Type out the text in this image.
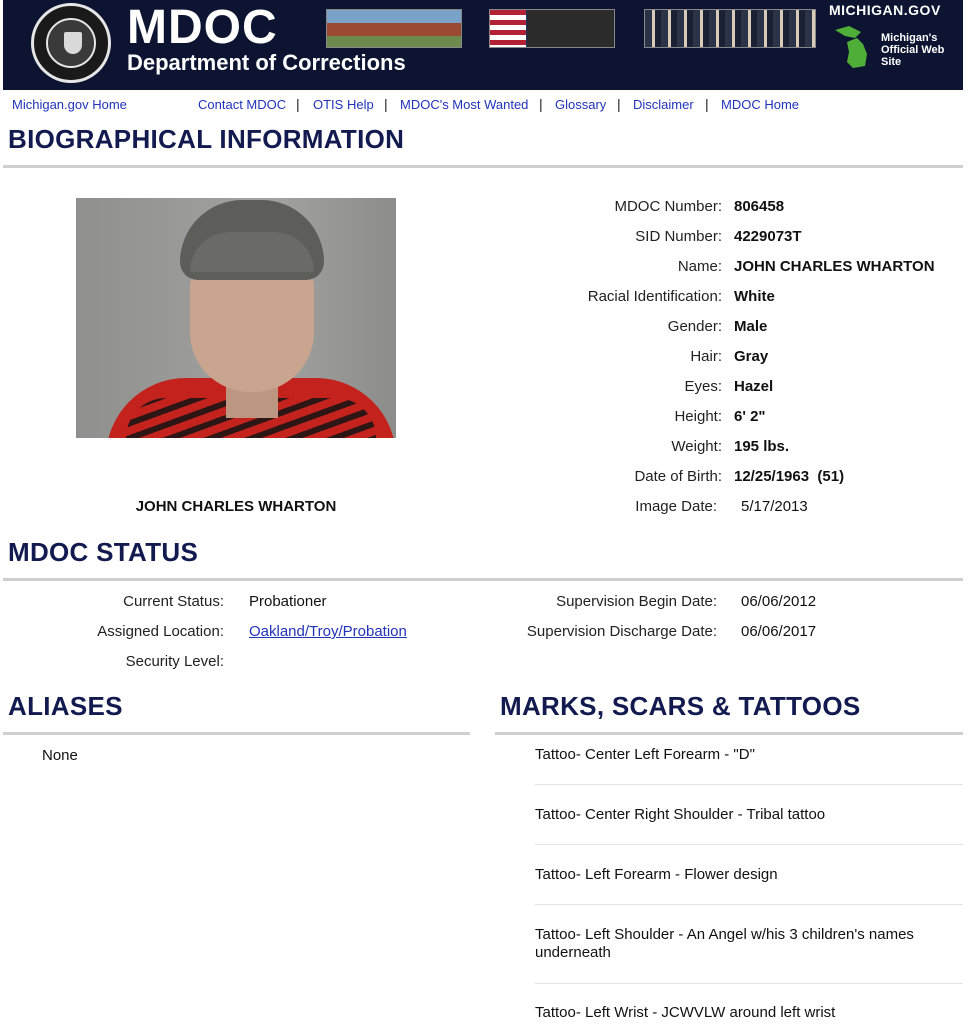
MDOC
Department of Corrections
MICHIGAN.GOV
Michigan's Official Web Site
Michigan.gov Home	Contact MDOC | OTIS Help | MDOC's Most Wanted | Glossary | Disclaimer | MDOC Home
BIOGRAPHICAL INFORMATION
JOHN CHARLES WHARTON
MDOC Number: 806458
SID Number: 4229073T
Name: JOHN CHARLES WHARTON
Racial Identification: White
Gender: Male
Hair: Gray
Eyes: Hazel
Height: 6' 2"
Weight: 195 lbs.
Date of Birth: 12/25/1963  (51)
Image Date: 5/17/2013
MDOC STATUS
Current Status: Probationer
Assigned Location: Oakland/Troy/Probation
Security Level:
Supervision Begin Date: 06/06/2012
Supervision Discharge Date: 06/06/2017
ALIASES
None
MARKS, SCARS & TATTOOS
Tattoo- Center Left Forearm - "D"
Tattoo- Center Right Shoulder - Tribal tattoo
Tattoo- Left Forearm - Flower design
Tattoo- Left Shoulder - An Angel w/his 3 children's names underneath
Tattoo- Left Wrist - JCWVLW around left wrist
